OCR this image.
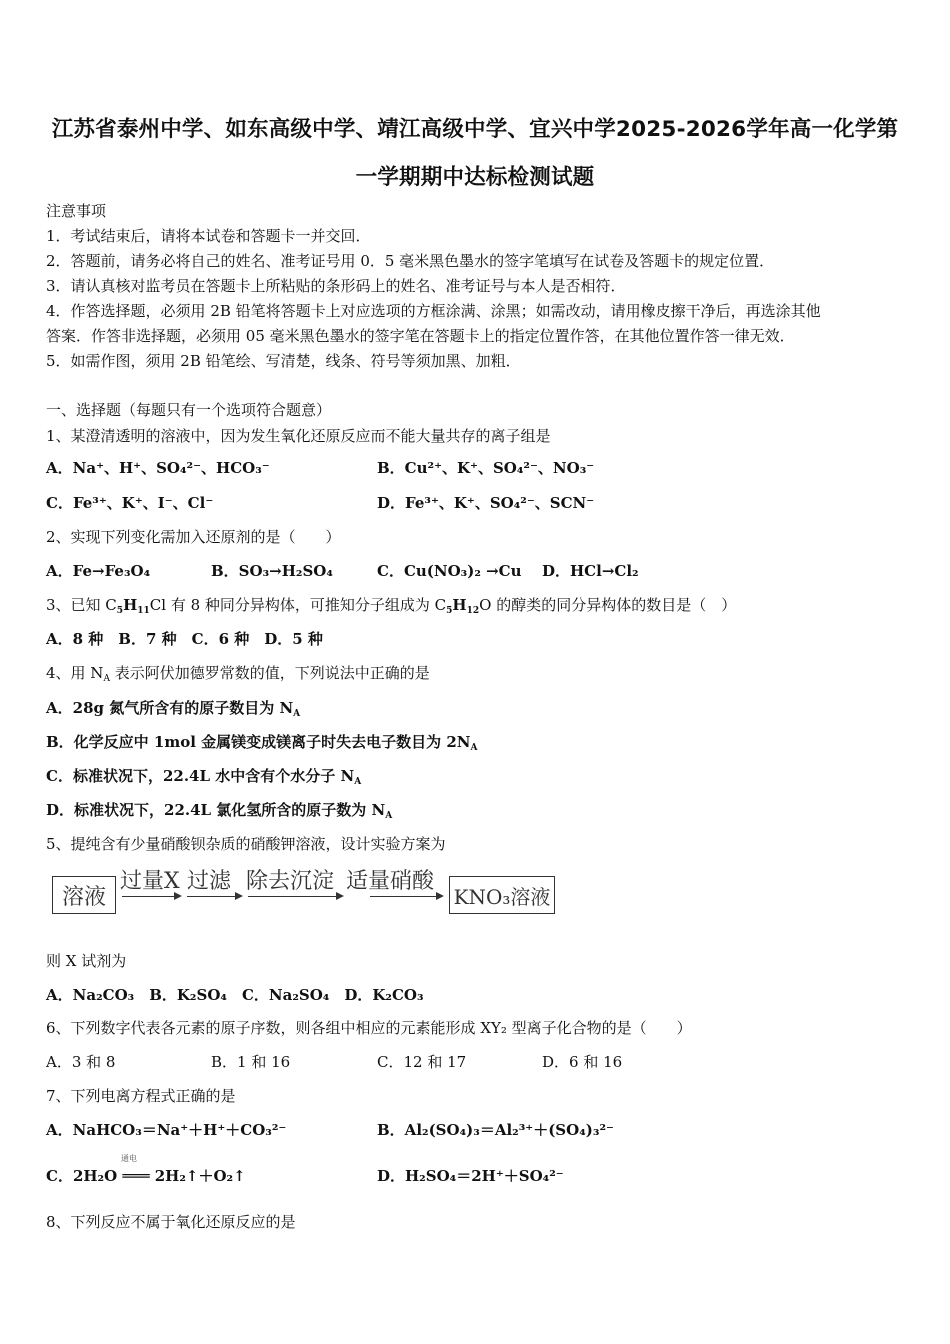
江苏省泰州中学、如东高级中学、靖江高级中学、宜兴中学2025-2026学年高一化学第
一学期期中达标检测试题
注意事项
1．考试结束后，请将本试卷和答题卡一并交回．
2．答题前，请务必将自己的姓名、准考证号用 0．5 毫米黑色墨水的签字笔填写在试卷及答题卡的规定位置．
3．请认真核对监考员在答题卡上所粘贴的条形码上的姓名、准考证号与本人是否相符．
4．作答选择题，必须用 2B 铅笔将答题卡上对应选项的方框涂满、涂黑；如需改动，请用橡皮擦干净后，再选涂其他
答案．作答非选择题，必须用 05 毫米黑色墨水的签字笔在答题卡上的指定位置作答，在其他位置作答一律无效．
5．如需作图，须用 2B 铅笔绘、写清楚，线条、符号等须加黑、加粗．
一、选择题（每题只有一个选项符合题意）
1、某澄清透明的溶液中，因为发生氧化还原反应而不能大量共存的离子组是
A．Na⁺、H⁺、SO₄²⁻、HCO₃⁻	B．Cu²⁺、K⁺、SO₄²⁻、NO₃⁻
C．Fe³⁺、K⁺、I⁻、Cl⁻	D．Fe³⁺、K⁺、SO₄²⁻、SCN⁻
2、实现下列变化需加入还原剂的是（　　）
A．Fe→Fe₃O₄	B．SO₃→H₂SO₄	C．Cu(NO₃)₂ →Cu D．HCl→Cl₂
3、已知 $C_5H_{11}Cl$ 有 8 种同分异构体，可推知分子组成为 $C_5H_{12}O$ 的醇类的同分异构体的数目是（　）
A．8 种　B．7 种　C．6 种　D．5 种
4、用 $N_A$ 表示阿伏加德罗常数的值，下列说法中正确的是
A．28g 氮气所含有的原子数目为 $N_A$
B．化学反应中 1mol 金属镁变成镁离子时失去电子数目为 $2N_A$
C．标准状况下，22.4L 水中含有个水分子 $N_A$
D．标准状况下，22.4L 氯化氢所含的原子数为 $N_A$
5、提纯含有少量硝酸钡杂质的硝酸钾溶液，设计实验方案为
溶液
过量X 过滤 除去沉淀 适量硝酸
KNO₃溶液
则 X 试剂为
A．Na₂CO₃　B．K₂SO₄　C．Na₂SO₄　D．K₂CO₃
6、下列数字代表各元素的原子序数，则各组中相应的元素能形成 XY₂ 型离子化合物的是（　　）
A．3 和 8	B．1 和 16	C．12 和 17	D．6 和 16
7、下列电离方程式正确的是
A．NaHCO₃＝Na⁺＋H⁺＋CO₃²⁻	B．Al₂(SO₄)₃＝Al₂³⁺＋(SO₄)₃²⁻
通电
C．2H₂O ═══ 2H₂↑＋O₂↑	D．H₂SO₄＝2H⁺＋SO₄²⁻
8、下列反应不属于氧化还原反应的是
